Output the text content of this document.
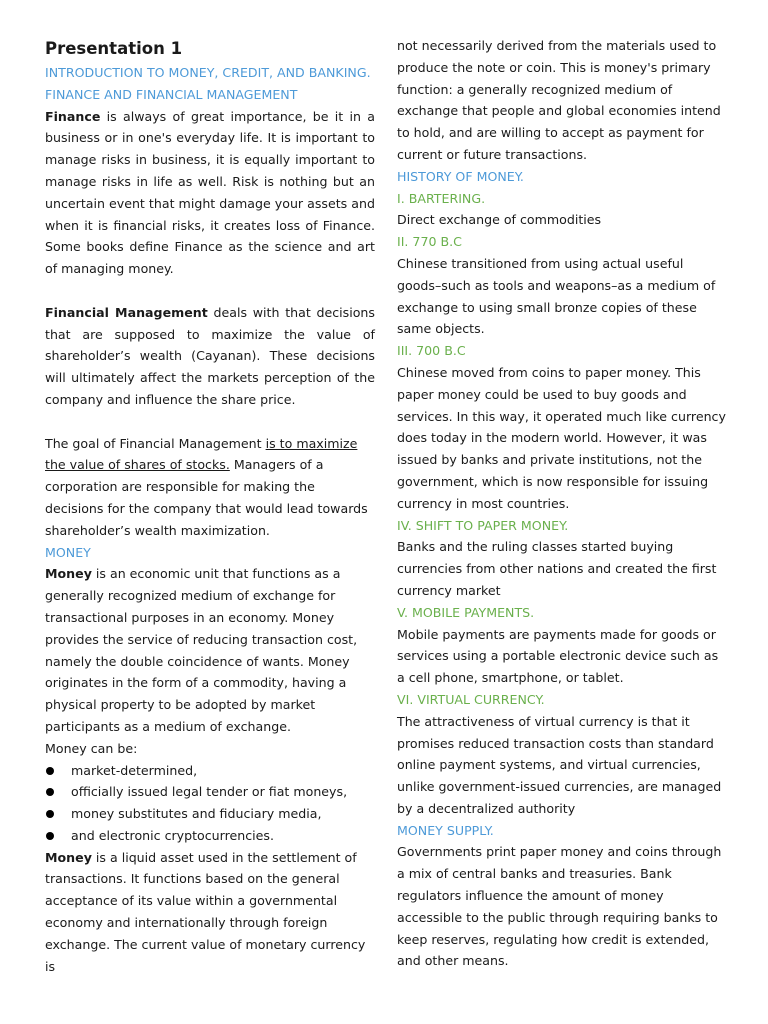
Presentation 1
INTRODUCTION TO MONEY, CREDIT, AND BANKING.
FINANCE AND FINANCIAL MANAGEMENT

Finance is always of great importance, be it in a business or in one's everyday life. It is important to manage risks in business, it is equally important to manage risks in life as well. Risk is nothing but an uncertain event that might damage your assets and when it is financial risks, it creates loss of Finance. Some books define Finance as the science and art of managing money.

Financial Management deals with that decisions that are supposed to maximize the value of shareholder’s wealth (Cayanan). These decisions will ultimately affect the markets perception of the company and influence the share price.

The goal of Financial Management is to maximize the value of shares of stocks. Managers of a corporation are responsible for making the decisions for the company that would lead towards shareholder’s wealth maximization.

MONEY

Money is an economic unit that functions as a generally recognized medium of exchange for transactional purposes in an economy. Money provides the service of reducing transaction cost, namely the double coincidence of wants. Money originates in the form of a commodity, having a physical property to be adopted by market participants as a medium of exchange.

Money can be:
market-determined,
officially issued legal tender or fiat moneys,
money substitutes and fiduciary media,
and electronic cryptocurrencies.

Money is a liquid asset used in the settlement of transactions. It functions based on the general acceptance of its value within a governmental economy and internationally through foreign exchange. The current value of monetary currency is

not necessarily derived from the materials used to produce the note or coin. This is money's primary function: a generally recognized medium of exchange that people and global economies intend to hold, and are willing to accept as payment for current or future transactions.

HISTORY OF MONEY.
I. BARTERING.

Direct exchange of commodities

II. 770 B.C

Chinese transitioned from using actual useful goods–such as tools and weapons–as a medium of exchange to using small bronze copies of these same objects.

III. 700 B.C

Chinese moved from coins to paper money. This paper money could be used to buy goods and services. In this way, it operated much like currency does today in the modern world. However, it was issued by banks and private institutions, not the government, which is now responsible for issuing currency in most countries.

IV. SHIFT TO PAPER MONEY.

Banks and the ruling classes started buying currencies from other nations and created the first currency market

V. MOBILE PAYMENTS.

Mobile payments are payments made for goods or services using a portable electronic device such as a cell phone, smartphone, or tablet.

VI. VIRTUAL CURRENCY.

The attractiveness of virtual currency is that it promises reduced transaction costs than standard online payment systems, and virtual currencies, unlike government-issued currencies, are managed by a decentralized authority

MONEY SUPPLY.

Governments print paper money and coins through a mix of central banks and treasuries. Bank regulators influence the amount of money accessible to the public through requiring banks to keep reserves, regulating how credit is extended, and other means.
